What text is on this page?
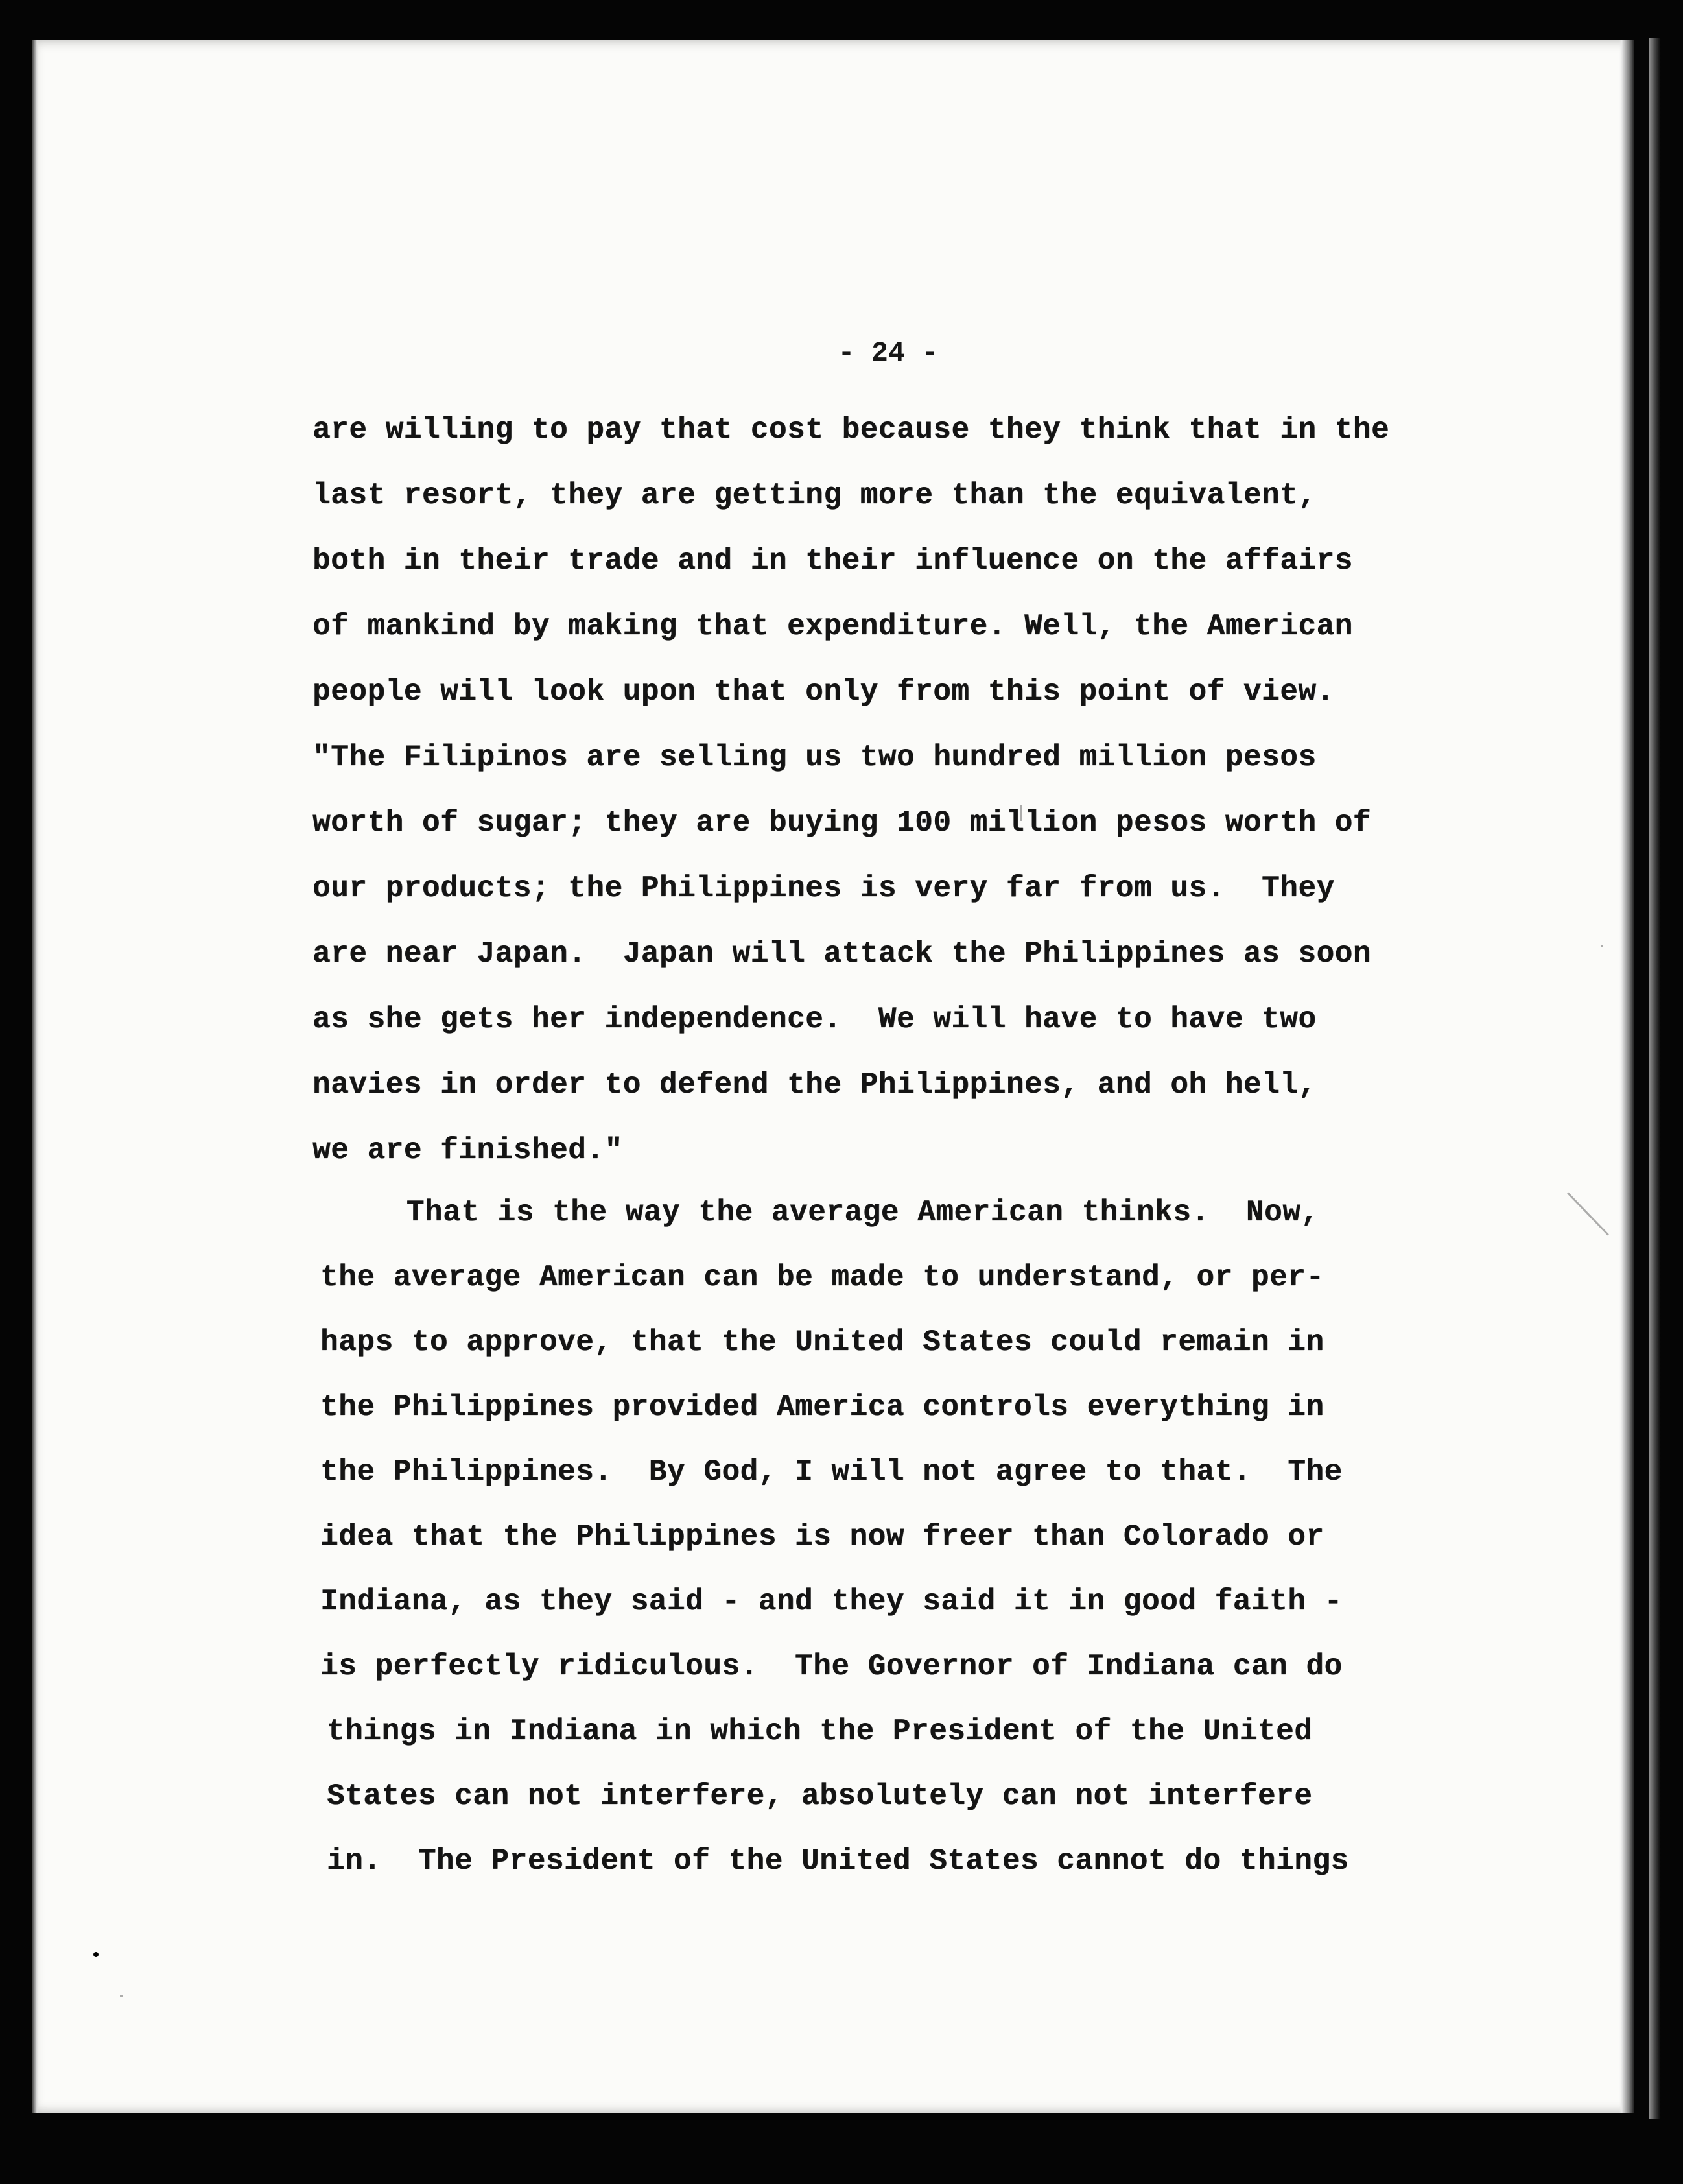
- 24 -
are willing to pay that cost because they think that in the
last resort, they are getting more than the equivalent,
both in their trade and in their influence on the affairs
of mankind by making that expenditure. Well, the American
people will look upon that only from this point of view.
"The Filipinos are selling us two hundred million pesos
worth of sugar; they are buying 100 million pesos worth of
our products; the Philippines is very far from us.  They
are near Japan.  Japan will attack the Philippines as soon
as she gets her independence.  We will have to have two
navies in order to defend the Philippines, and oh hell,
we are finished."
That is the way the average American thinks.  Now,
the average American can be made to understand, or per-
haps to approve, that the United States could remain in
the Philippines provided America controls everything in
the Philippines.  By God, I will not agree to that.  The
idea that the Philippines is now freer than Colorado or
Indiana, as they said - and they said it in good faith -
is perfectly ridiculous.  The Governor of Indiana can do
things in Indiana in which the President of the United
States can not interfere, absolutely can not interfere
in.  The President of the United States cannot do things
